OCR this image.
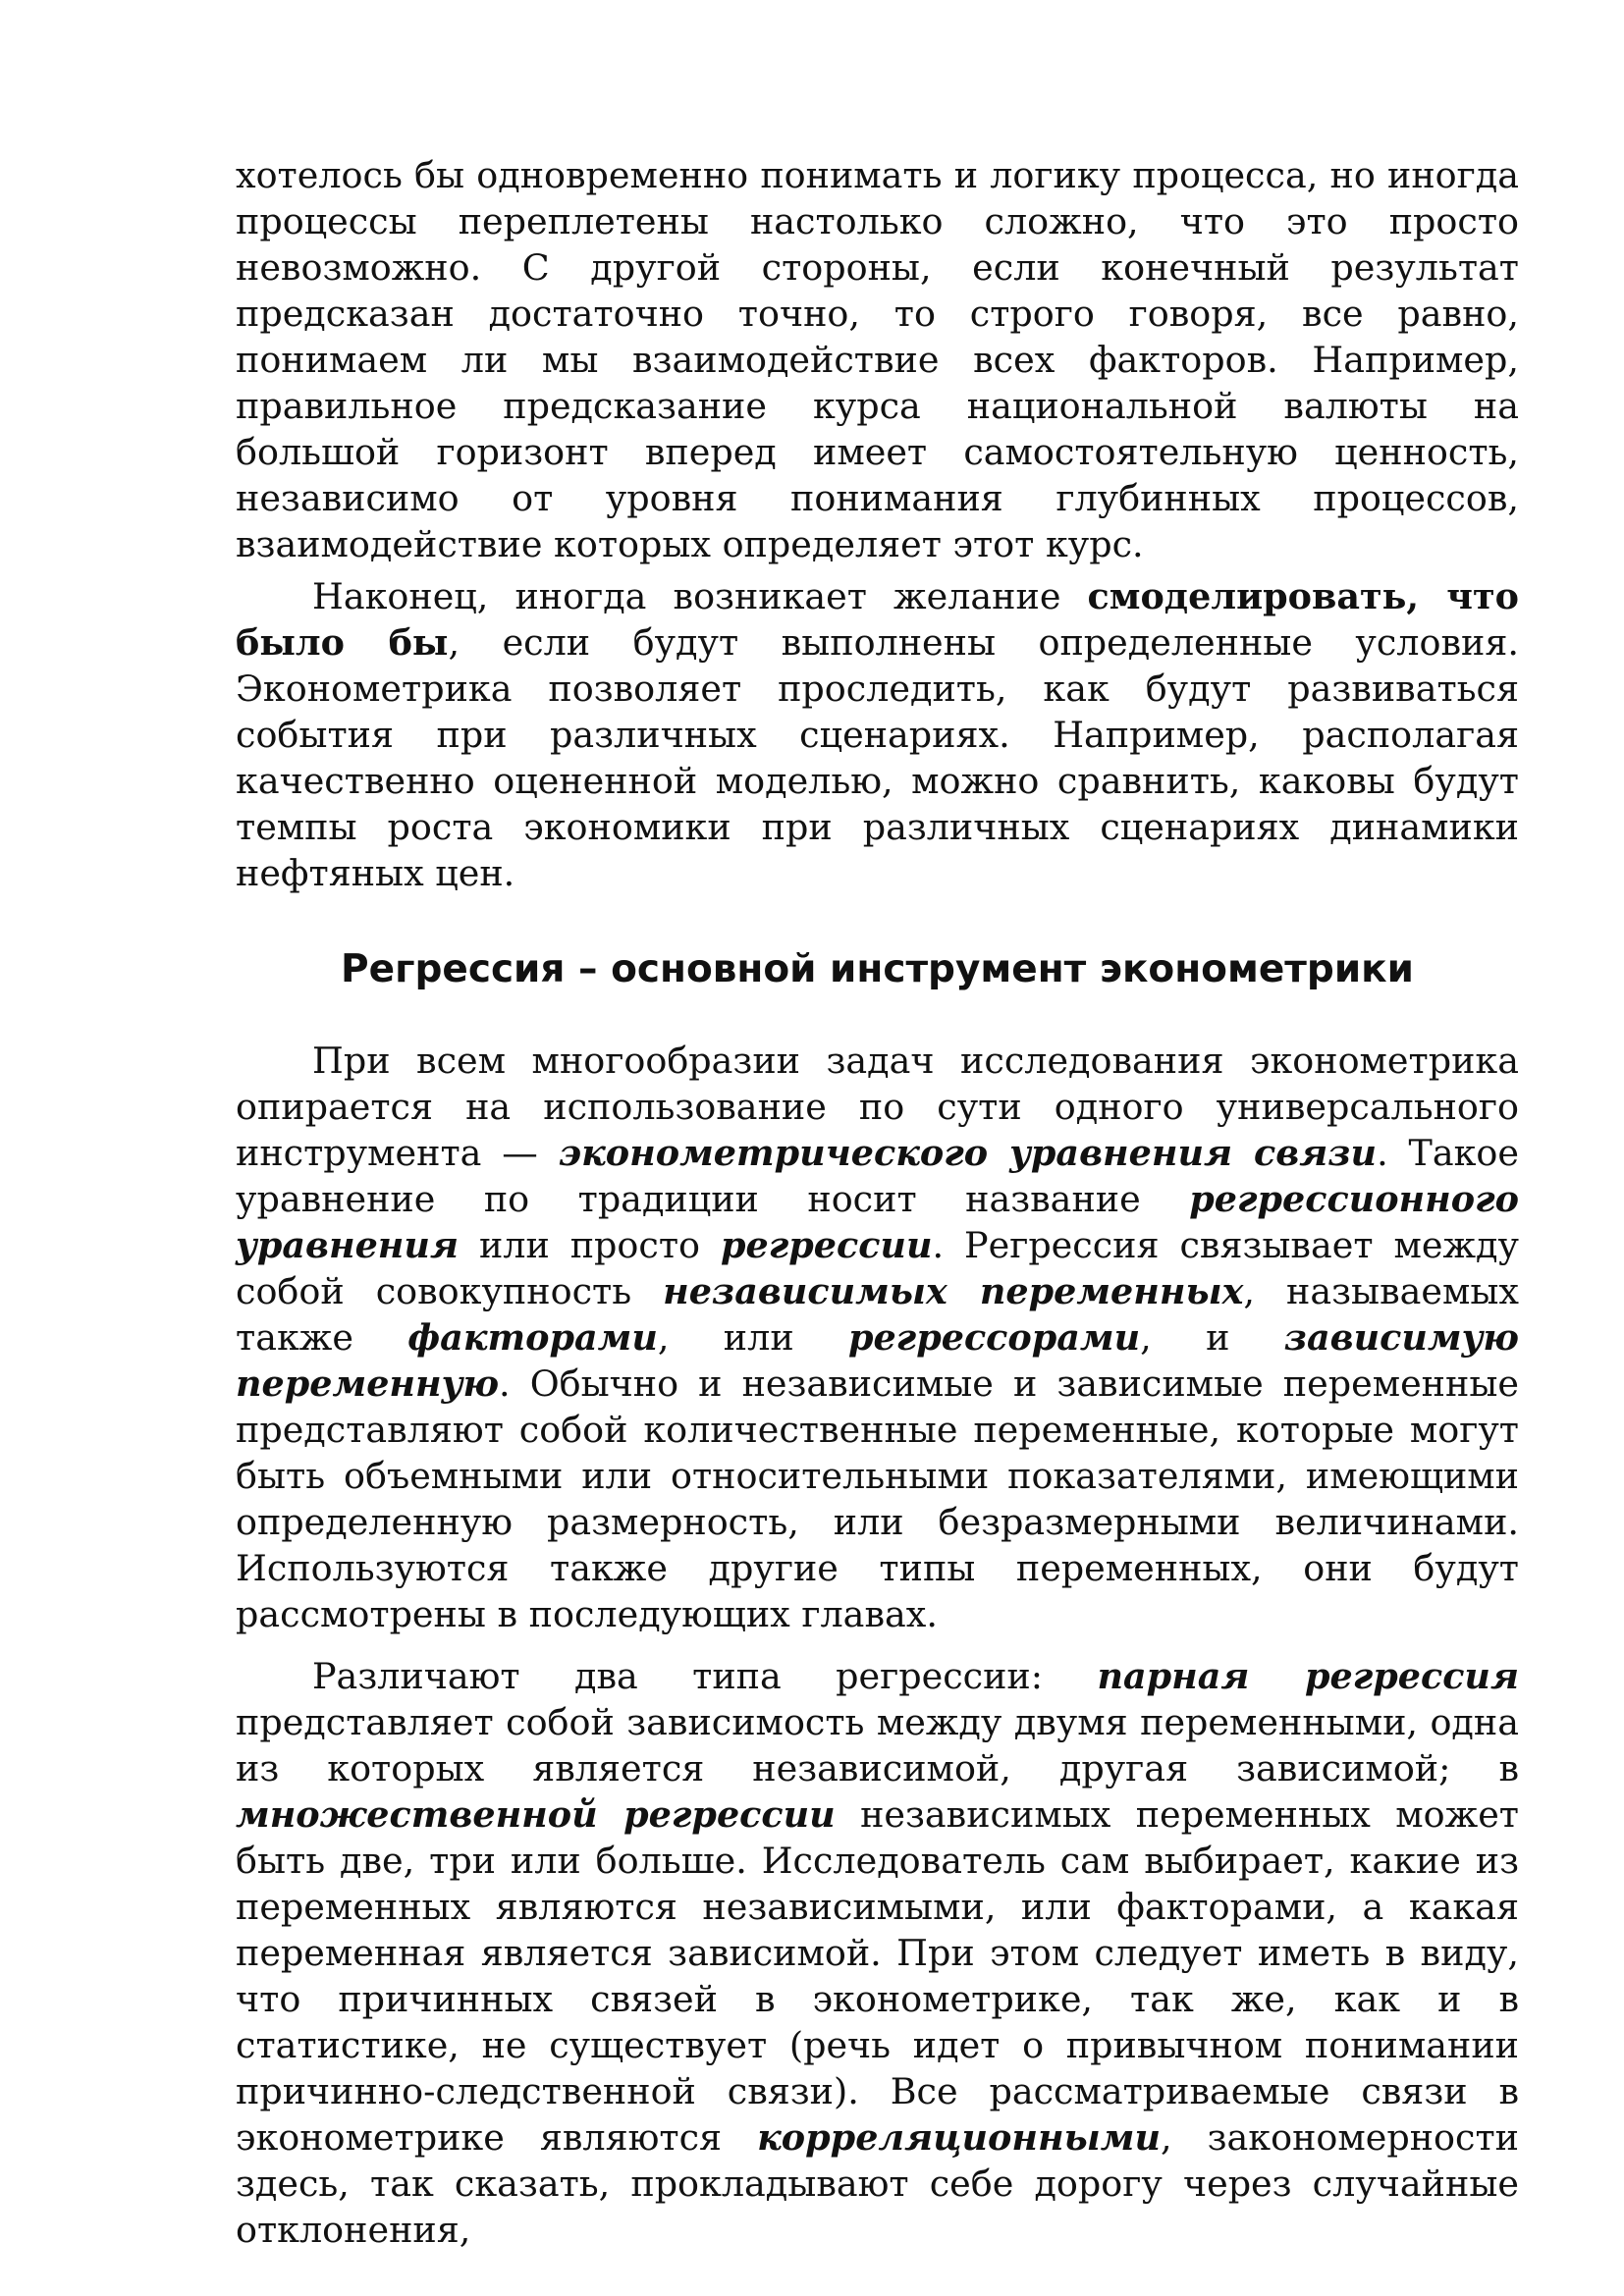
хотелось бы одновременно понимать и логику процесса, но иногда процессы переплетены настолько сложно, что это просто невозможно. С другой стороны, если конечный результат предсказан достаточно точно, то строго говоря, все равно, понимаем ли мы взаимодействие всех факторов. Например, правильное предсказание курса национальной валюты на большой горизонт вперед имеет самостоятельную ценность, независимо от уровня понимания глубинных процессов, взаимодействие которых определяет этот курс.

Наконец, иногда возникает желание смоделировать, что было бы, если будут выполнены определенные условия. Эконометрика позволяет проследить, как будут развиваться события при различных сценариях. Например, располагая качественно оцененной моделью, можно сравнить, каковы будут темпы роста экономики при различных сценариях динамики нефтяных цен.

Регрессия – основной инструмент эконометрики

При всем многообразии задач исследования эконометрика опирается на использование по сути одного универсального инструмента — эконометрического уравнения связи. Такое уравнение по традиции носит название регрессионного уравнения или просто регрессии. Регрессия связывает между собой совокупность независимых переменных, называемых также факторами, или регрессорами, и зависимую переменную. Обычно и независимые и зависимые переменные представляют собой количественные переменные, которые могут быть объемными или относительными показателями, имеющими определенную размерность, или безразмерными величинами. Используются также другие типы переменных, они будут рассмотрены в последующих главах.

Различают два типа регрессии: парная регрессия представляет собой зависимость между двумя переменными, одна из которых является независимой, другая зависимой; в множественной регрессии независимых переменных может быть две, три или больше. Исследователь сам выбирает, какие из переменных являются независимыми, или факторами, а какая переменная является зависимой. При этом следует иметь в виду, что причинных связей в эконометрике, так же, как и в статистике, не существует (речь идет о привычном понимании причинно-следственной связи). Все рассматриваемые связи в эконометрике являются корреляционными, закономерности здесь, так сказать, прокладывают себе дорогу через случайные отклонения,
